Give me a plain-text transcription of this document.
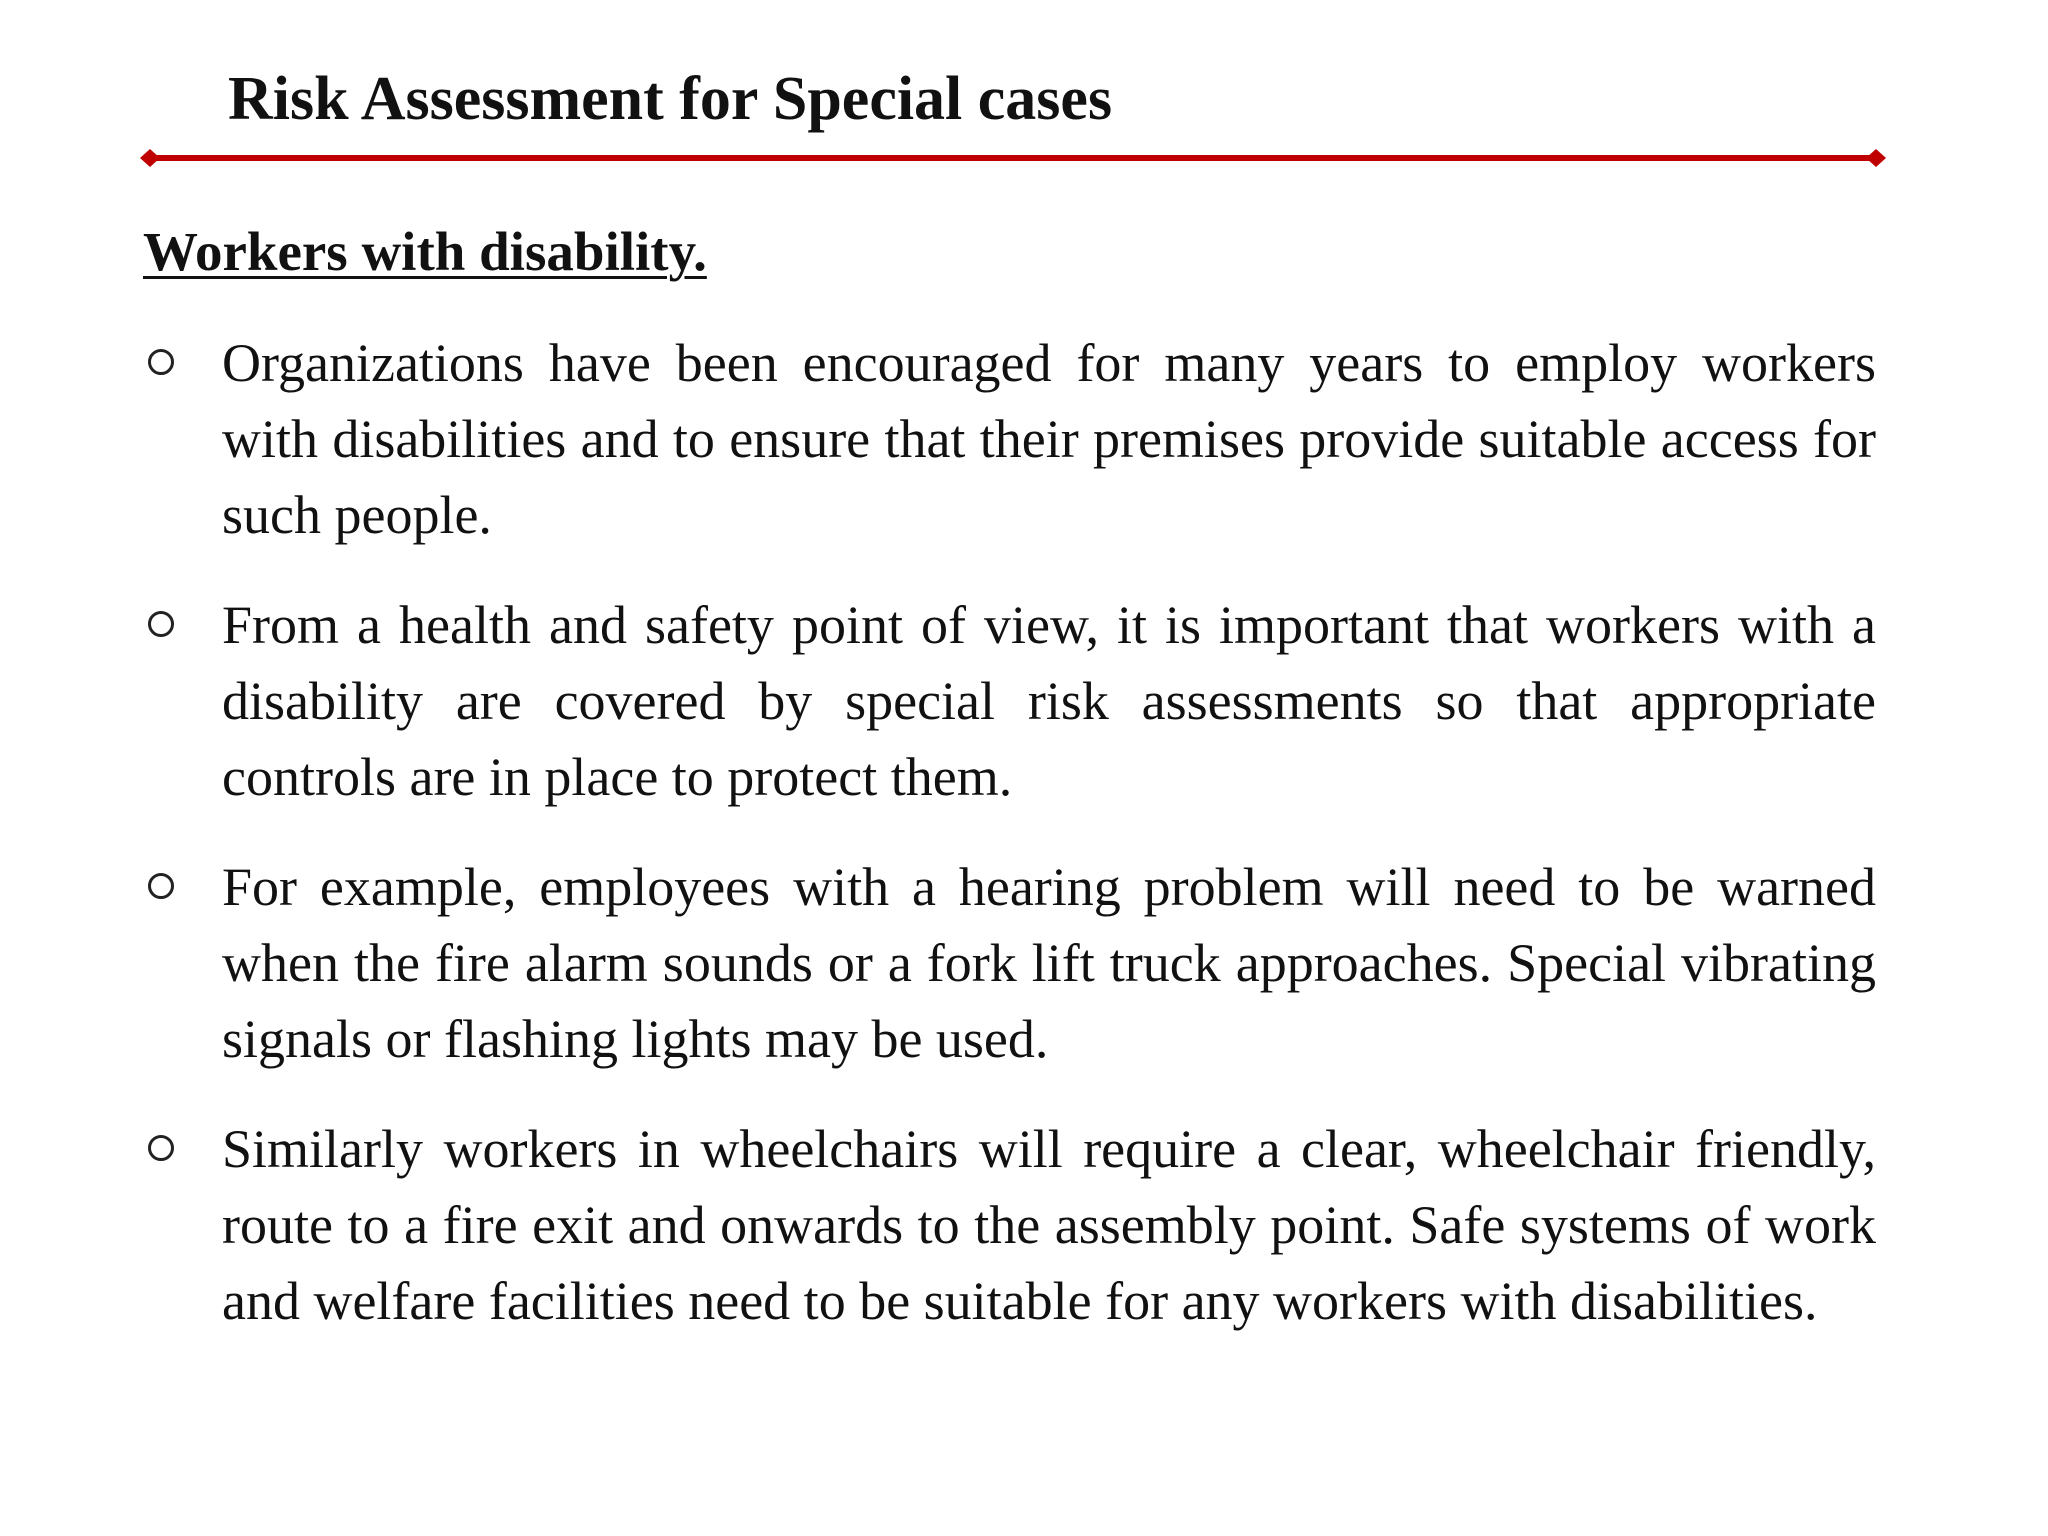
Risk Assessment for Special cases
Workers with disability.
Organizations have been encouraged for many years to employ workers with disabilities and to ensure that their premises provide suitable access for such people.
From a health and safety point of view, it is important that workers with a disability are covered by special risk assessments so that appropriate controls are in place to protect them.
For example, employees with a hearing problem will need to be warned when the fire alarm sounds or a fork lift truck approaches. Special vibrating signals or flashing lights may be used.
Similarly workers in wheelchairs will require a clear, wheelchair friendly, route to a fire exit and onwards to the assembly point. Safe systems of work and welfare facilities need to be suitable for any workers with disabilities.
